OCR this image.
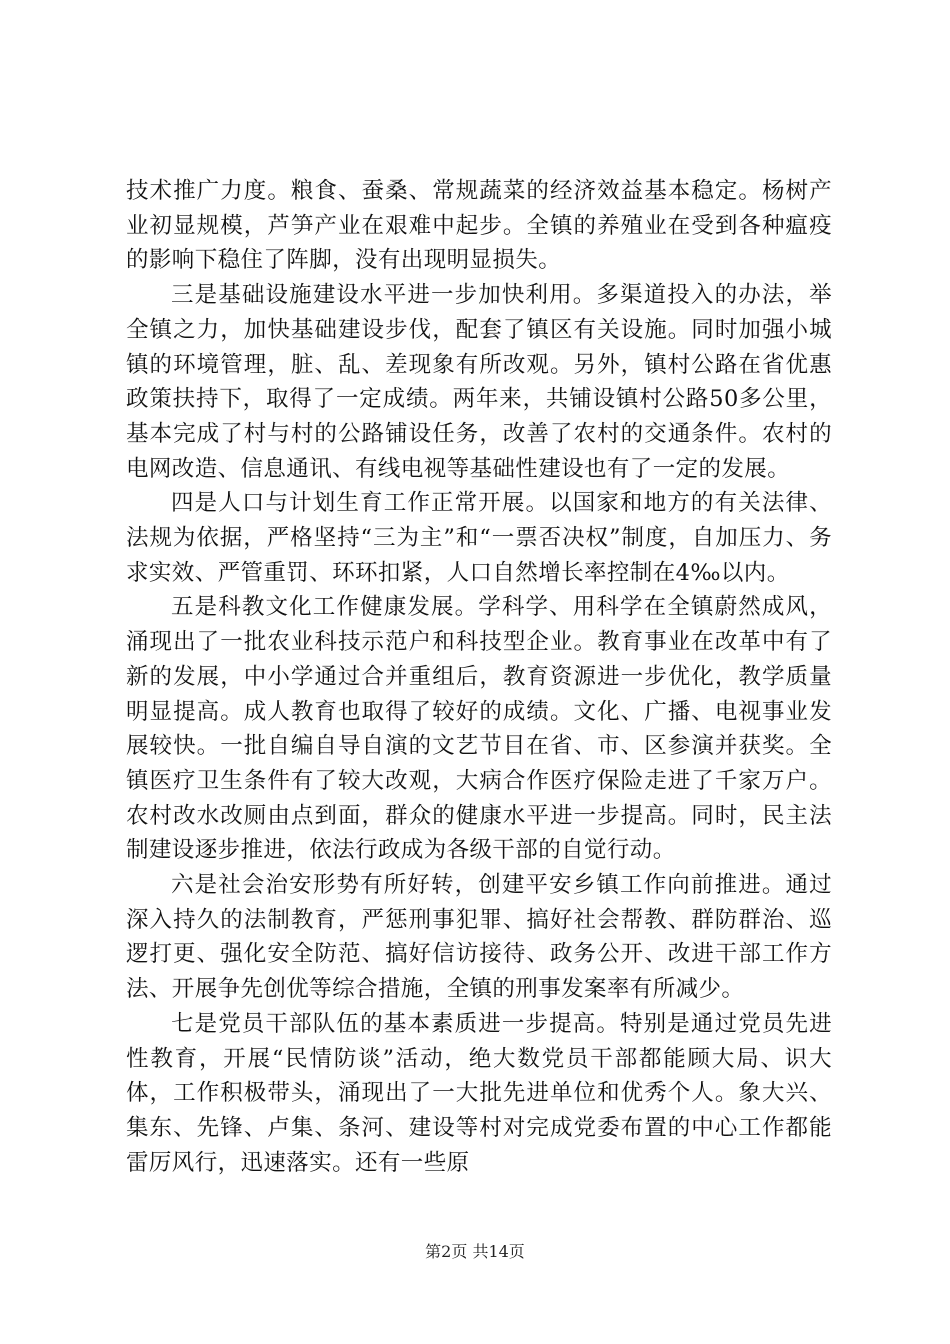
技术推广力度。粮食、蚕桑、常规蔬菜的经济效益基本稳定。杨树产业初显规模，芦笋产业在艰难中起步。全镇的养殖业在受到各种瘟疫的影响下稳住了阵脚，没有出现明显损失。

三是基础设施建设水平进一步加快利用。多渠道投入的办法，举全镇之力，加快基础建设步伐，配套了镇区有关设施。同时加强小城镇的环境管理，脏、乱、差现象有所改观。另外，镇村公路在省优惠政策扶持下，取得了一定成绩。两年来，共铺设镇村公路50多公里，基本完成了村与村的公路铺设任务，改善了农村的交通条件。农村的电网改造、信息通讯、有线电视等基础性建设也有了一定的发展。

四是人口与计划生育工作正常开展。以国家和地方的有关法律、法规为依据，严格坚持“三为主”和“一票否决权”制度，自加压力、务求实效、严管重罚、环环扣紧，人口自然增长率控制在4‰以内。

五是科教文化工作健康发展。学科学、用科学在全镇蔚然成风，涌现出了一批农业科技示范户和科技型企业。教育事业在改革中有了新的发展，中小学通过合并重组后，教育资源进一步优化，教学质量明显提高。成人教育也取得了较好的成绩。文化、广播、电视事业发展较快。一批自编自导自演的文艺节目在省、市、区参演并获奖。全镇医疗卫生条件有了较大改观，大病合作医疗保险走进了千家万户。农村改水改厕由点到面，群众的健康水平进一步提高。同时，民主法制建设逐步推进，依法行政成为各级干部的自觉行动。

六是社会治安形势有所好转，创建平安乡镇工作向前推进。通过深入持久的法制教育，严惩刑事犯罪、搞好社会帮教、群防群治、巡逻打更、强化安全防范、搞好信访接待、政务公开、改进干部工作方法、开展争先创优等综合措施，全镇的刑事发案率有所减少。

七是党员干部队伍的基本素质进一步提高。特别是通过党员先进性教育，开展“民情防谈”活动，绝大数党员干部都能顾大局、识大体，工作积极带头，涌现出了一大批先进单位和优秀个人。象大兴、集东、先锋、卢集、条河、建设等村对完成党委布置的中心工作都能雷厉风行，迅速落实。还有一些原

第2页 共14页
